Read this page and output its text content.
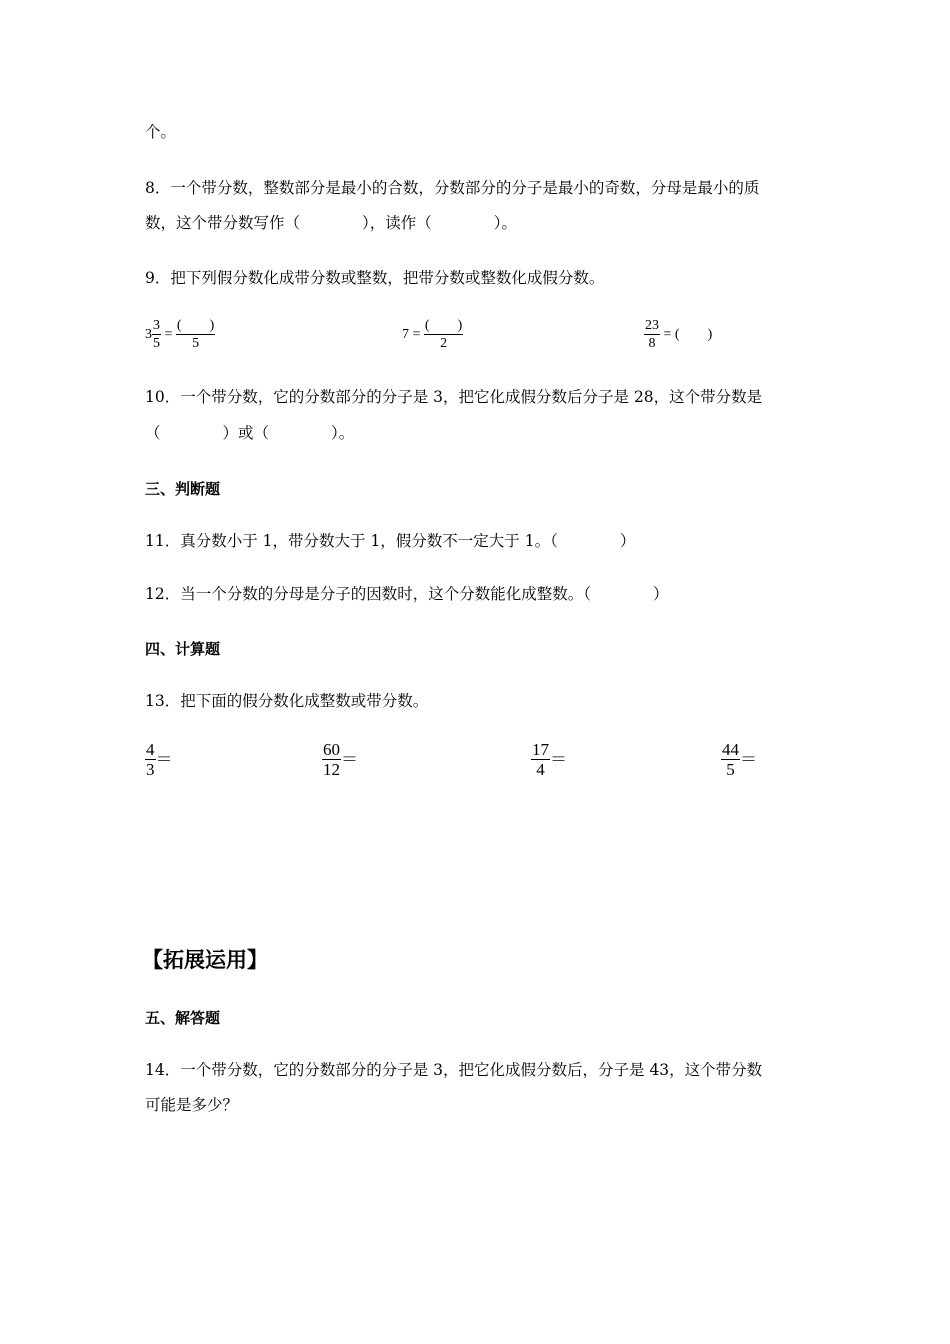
个。
8．一个带分数，整数部分是最小的合数，分数部分的分子是最小的奇数，分母是最小的质
数，这个带分数写作（　　　　），读作（　　　　）。
9．把下列假分数化成带分数或整数，把带分数或整数化成假分数。
$3 \frac{3}{5} = \frac{( )}{5}$	$7 = \frac{( )}{2}$	$\frac{23}{8}$ = (　　)
10．一个带分数，它的分数部分的分子是 3，把它化成假分数后分子是 28，这个带分数是
（　　　　）或（　　　　）。
三、判断题
11．真分数小于 1，带分数大于 1，假分数不一定大于 1。（　　　　）
12．当一个分数的分母是分子的因数时，这个分数能化成整数。（　　　　）
四、计算题
13．把下面的假分数化成整数或带分数。
$\frac{4}{3}$ ＝	$\frac{60}{12}$ ＝	$\frac{17}{4}$ ＝	$\frac{44}{5}$ ＝
【拓展运用】
五、解答题
14．一个带分数，它的分数部分的分子是 3，把它化成假分数后，分子是 43，这个带分数
可能是多少？
